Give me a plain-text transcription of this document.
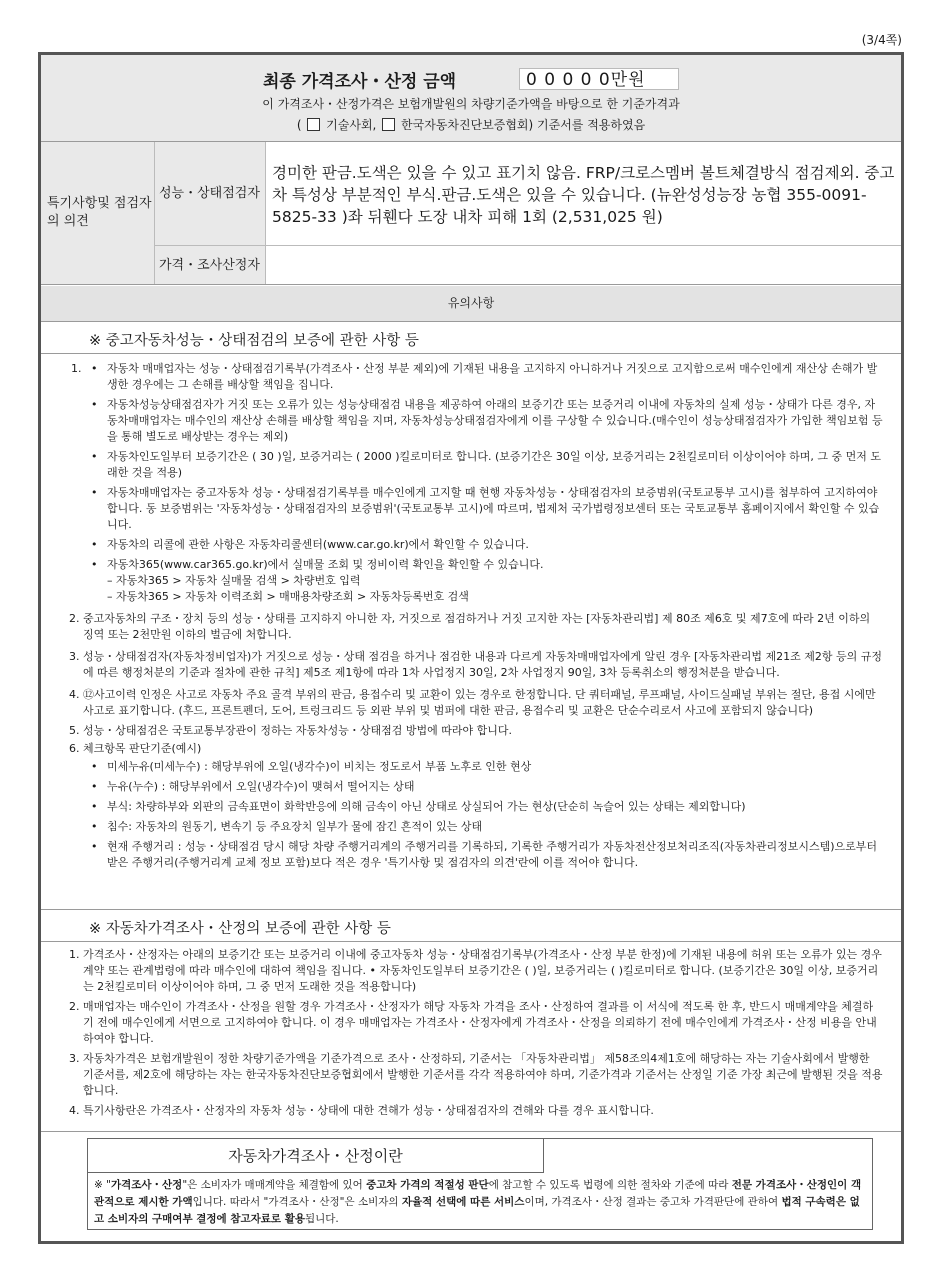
(3/4쪽)
최종 가격조사・산정 금액	0 0 0 0 0만원
이 가격조사・산정가격은 보험개발원의 차량기준가액을 바탕으로 한 기준가격과
( 기술사회, 한국자동차진단보증협회) 기준서를 적용하였음
특기사항및 점검자의 의견
성능・상태점검자
경미한 판금.도색은 있을 수 있고 표기치 않음. FRP/크로스멤버 볼트체결방식 점검제외. 중고차 특성상 부분적인 부식.판금.도색은 있을 수 있습니다. (뉴완성성능장 농협 355-0091-5825-33 )좌 뒤휀다 도장 내차 피해 1회 (2,531,025 원)
가격・조사산정자
유의사항
※ 중고자동차성능・상태점검의 보증에 관한 사항 등
1.
•	자동차 매매업자는 성능・상태점검기록부(가격조사・산정 부분 제외)에 기재된 내용을 고지하지 아니하거나 거짓으로 고지함으로써 매수인에게 재산상 손해가 발생한 경우에는 그 손해를 배상할 책임을 집니다.
• 자동차성능상태점검자가 거짓 또는 오류가 있는 성능상태점검 내용을 제공하여 아래의 보증기간 또는 보증거리 이내에 자동차의 실제 성능・상태가 다른 경우, 자동차매매업자는 매수인의 재산상 손해를 배상할 책임을 지며, 자동차성능상태점검자에게 이를 구상할 수 있습니다.(매수인이 성능상태점검자가 가입한 책임보험 등을 통해 별도로 배상받는 경우는 제외)
• 자동차인도일부터 보증기간은 ( 30 )일, 보증거리는 ( 2000 )킬로미터로 합니다. (보증기간은 30일 이상, 보증거리는 2천킬로미터 이상이어야 하며, 그 중 먼저 도래한 것을 적용)
• 자동차매매업자는 중고자동차 성능・상태점검기록부를 매수인에게 고지할 때 현행 자동차성능・상태점검자의 보증범위(국토교통부 고시)를 첨부하여 고지하여야 합니다. 동 보증범위는 '자동차성능・상태점검자의 보증범위'(국토교통부 고시)에 따르며, 법제처 국가법령정보센터 또는 국토교통부 홈페이지에서 확인할 수 있습니다.
• 자동차의 리콜에 관한 사항은 자동차리콜센터(www.car.go.kr)에서 확인할 수 있습니다.
• 자동차365(www.car365.go.kr)에서 실매물 조회 및 정비이력 확인을 확인할 수 있습니다.

– 자동차365 > 자동차 실매물 검색 > 차량번호 입력

– 자동차365 > 자동차 이력조회 > 매매용차량조회 > 자동차등록번호 검색

2. 중고자동차의 구조・장치 등의 성능・상태를 고지하지 아니한 자, 거짓으로 점검하거나 거짓 고지한 자는 [자동차관리법] 제 80조 제6호 및 제7호에 따라 2년 이하의 징역 또는 2천만원 이하의 벌금에 처합니다.

3. 성능・상태점검자(자동차정비업자)가 거짓으로 성능・상태 점검을 하거나 점검한 내용과 다르게 자동차매매업자에게 알린 경우 [자동차관리법 제21조 제2항 등의 규정에 따른 행정처분의 기준과 절차에 관한 규칙] 제5조 제1항에 따라 1차 사업정지 30일, 2차 사업정지 90일, 3차 등록취소의 행정처분을 받습니다.

4. ⑫사고이력 인정은 사고로 자동차 주요 골격 부위의 판금, 용접수리 및 교환이 있는 경우로 한정합니다. 단 쿼터패널, 루프패널, 사이드실패널 부위는 절단, 용접 시에만 사고로 표기합니다. (후드, 프론트펜더, 도어, 트렁크리드 등 외판 부위 및 범퍼에 대한 판금, 용접수리 및 교환은 단순수리로서 사고에 포함되지 않습니다)

5. 성능・상태점검은 국토교통부장관이 정하는 자동차성능・상태점검 방법에 따라야 합니다.

6. 체크항목 판단기준(예시)

• 미세누유(미세누수) : 해당부위에 오일(냉각수)이 비치는 정도로서 부품 노후로 인한 현상
• 누유(누수) : 해당부위에서 오일(냉각수)이 맺혀서 떨어지는 상태
• 부식: 차량하부와 외판의 금속표면이 화학반응에 의해 금속이 아닌 상태로 상실되어 가는 현상(단순히 녹슬어 있는 상태는 제외합니다)
• 침수: 자동차의 원동기, 변속기 등 주요장치 일부가 물에 잠긴 흔적이 있는 상태
• 현재 주행거리 : 성능・상태점검 당시 해당 차량 주행거리계의 주행거리를 기록하되, 기록한 주행거리가 자동차전산정보처리조직(자동차관리정보시스템)으로부터 받은 주행거리(주행거리계 교체 정보 포함)보다 적은 경우 '특기사항 및 점검자의 의견'란에 이를 적어야 합니다.
※ 자동차가격조사・산정의 보증에 관한 사항 등

1. 가격조사・산정자는 아래의 보증기간 또는 보증거리 이내에 중고자동차 성능・상태점검기록부(가격조사・산정 부분 한정)에 기재된 내용에 허위 또는 오류가 있는 경우 계약 또는 관계법령에 따라 매수인에 대하여 책임을 집니다. • 자동차인도일부터 보증기간은 ( )일, 보증거리는 ( )킬로미터로 합니다. (보증기간은 30일 이상, 보증거리는 2천킬로미터 이상이어야 하며, 그 중 먼저 도래한 것을 적용합니다)

2. 매매업자는 매수인이 가격조사・산정을 원할 경우 가격조사・산정자가 해당 자동차 가격을 조사・산정하여 결과를 이 서식에 적도록 한 후, 반드시 매매계약을 체결하기 전에 매수인에게 서면으로 고지하여야 합니다. 이 경우 매매업자는 가격조사・산정자에게 가격조사・산정을 의뢰하기 전에 매수인에게 가격조사・산정 비용을 안내하여야 합니다.

3. 자동차가격은 보험개발원이 정한 차량기준가액을 기준가격으로 조사・산정하되, 기준서는 「자동차관리법」 제58조의4제1호에 해당하는 자는 기술사회에서 발행한 기준서를, 제2호에 해당하는 자는 한국자동차진단보증협회에서 발행한 기준서를 각각 적용하여야 하며, 기준가격과 기준서는 산정일 기준 가장 최근에 발행된 것을 적용합니다.

4. 특기사항란은 가격조사・산정자의 자동차 성능・상태에 대한 견해가 성능・상태점검자의 견해와 다를 경우 표시합니다.

자동차가격조사・산정이란
※ "가격조사・산정"은 소비자가 매매계약을 체결함에 있어 중고차 가격의 적절성 판단에 참고할 수 있도록 법령에 의한 절차와 기준에 따라 전문 가격조사・산정인이 객관적으로 제시한 가액입니다. 따라서 "가격조사・산정"은 소비자의 자율적 선택에 따른 서비스이며, 가격조사・산정 결과는 중고차 가격판단에 관하여 법적 구속력은 없고 소비자의 구매여부 결정에 참고자료로 활용됩니다.
